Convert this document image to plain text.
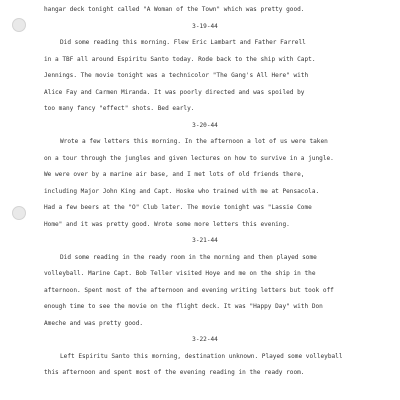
hangar deck tonight called "A Woman of the Town" which was pretty good.
3-19-44
Did some reading this morning. Flew Eric Lambart and Father Farrell
in a TBF all around Espiritu Santo today. Rode back to the ship with Capt.
Jennings. The movie tonight was a technicolor "The Gang's All Here" with
Alice Fay and Carmen Miranda. It was poorly directed and was spoiled by
too many fancy "effect" shots. Bed early.
3-20-44
Wrote a few letters this morning. In the afternoon a lot of us were taken
on a tour through the jungles and given lectures on how to survive in a jungle.
We were over by a marine air base, and I met lots of old friends there,
including Major John King and Capt. Hoske who trained with me at Pensacola.
Had a few beers at the "O" Club later. The movie tonight was "Lassie Come
Home" and it was pretty good. Wrote some more letters this evening.
3-21-44
Did some reading in the ready room in the morning and then played some
volleyball. Marine Capt. Bob Teller visited Hoye and me on the ship in the
afternoon. Spent most of the afternoon and evening writing letters but took off
enough time to see the movie on the flight deck. It was "Happy Day" with Don
Ameche and was pretty good.
3-22-44
Left Espiritu Santo this morning, destination unknown. Played some volleyball
this afternoon and spent most of the evening reading in the ready room.
